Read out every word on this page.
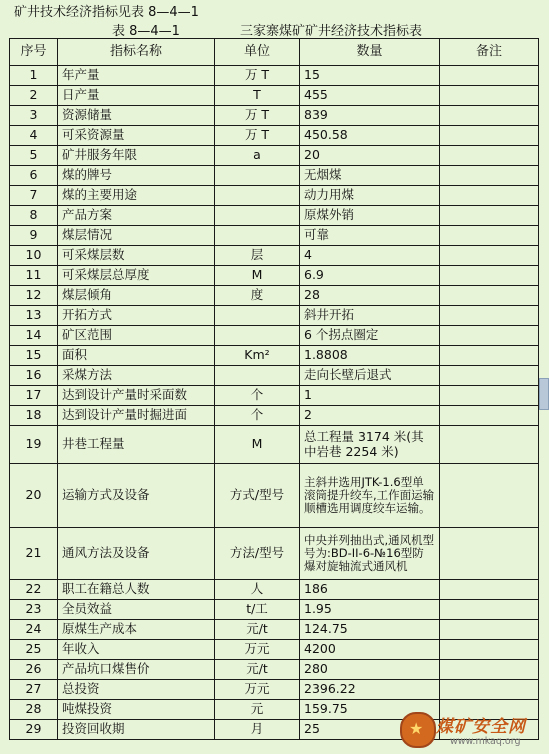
矿井技术经济指标见表 8—4—1
表 8—4—1	三家寨煤矿矿井经济技术指标表
序号	指标名称	单位	数量	备注
1	年产量	万 T	15	
2	日产量	T	455	
3	资源储量	万 T	839	
4	可采资源量	万 T	450.58	
5	矿井服务年限	a	20	
6	煤的牌号		无烟煤	
7	煤的主要用途		动力用煤	
8	产品方案		原煤外销	
9	煤层情况		可靠	
10	可采煤层数	层	4	
11	可采煤层总厚度	M	6.9	
12	煤层倾角	度	28	
13	开拓方式		斜井开拓	
14	矿区范围		6 个拐点圈定	
15	面积	Km²	1.8808	
16	采煤方法		走向长壁后退式	
17	达到设计产量时采面数	个	1	
18	达到设计产量时掘进面	个	2	
19	井巷工程量	M	总工程量 3174 米(其中岩巷 2254 米)	
20	运输方式及设备	方式/型号	主斜井选用JTK-1.6型单滚筒提升绞车,工作面运输顺槽选用调度绞车运输。	
21	通风方法及设备	方法/型号	中央并列抽出式,通风机型号为:BD-II-6-№16型防爆对旋轴流式通风机	
22	职工在籍总人数	人	186	
23	全员效益	t/工	1.95	
24	原煤生产成本	元/t	124.75	
25	年收入	万元	4200	
26	产品坑口煤售价	元/t	280	
27	总投资	万元	2396.22	
28	吨煤投资	元	159.75	
29	投资回收期	月	25		★ 煤矿安全网
www.mkaq.org
